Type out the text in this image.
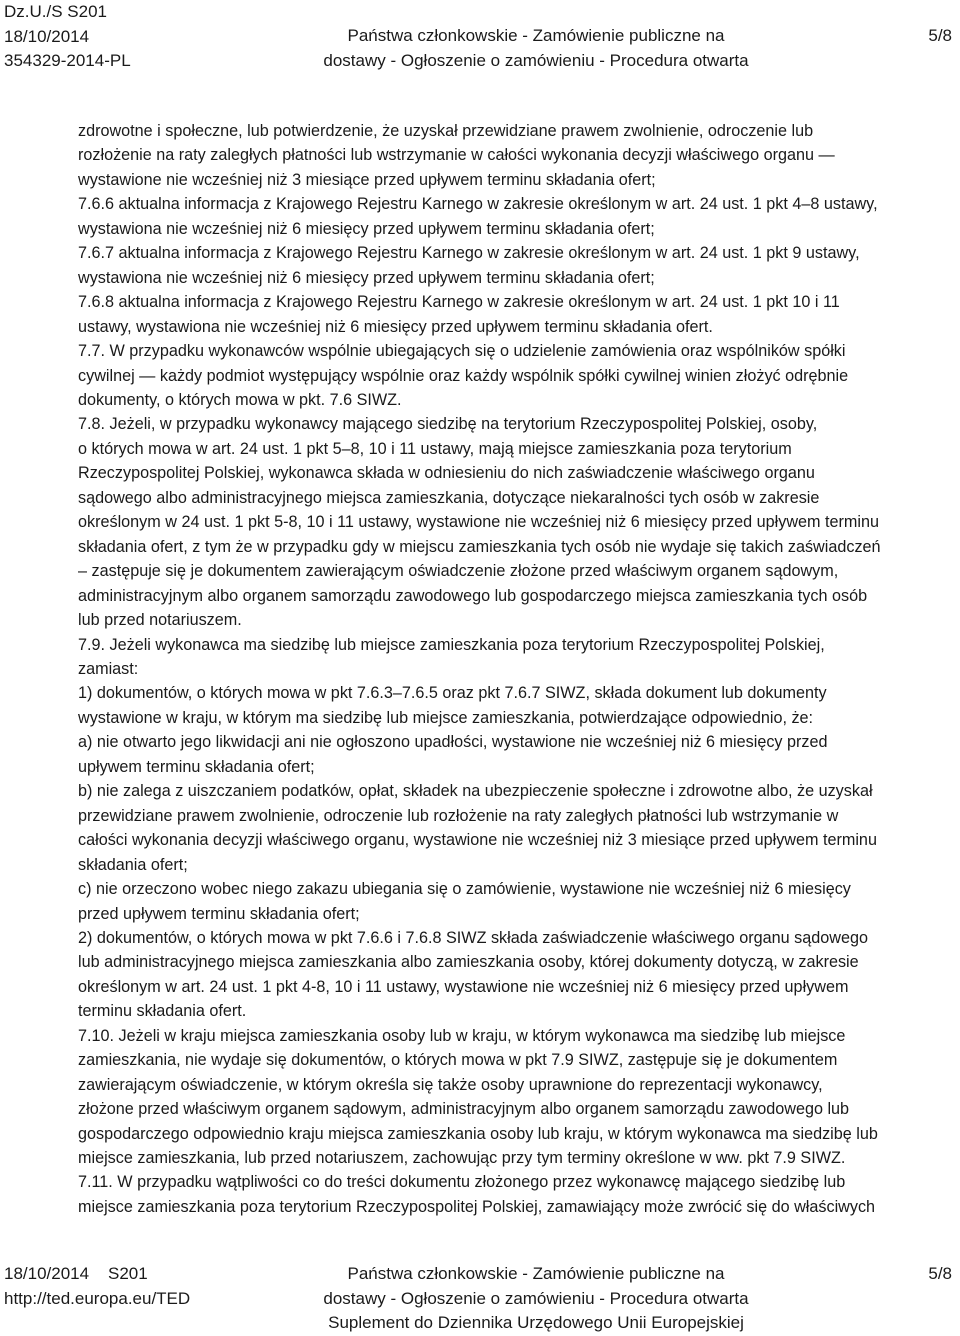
Dz.U./S S201
18/10/2014
354329-2014-PL
Państwa członkowskie - Zamówienie publiczne na
dostawy - Ogłoszenie o zamówieniu - Procedura otwarta
5/8

zdrowotne i społeczne, lub potwierdzenie, że uzyskał przewidziane prawem zwolnienie, odroczenie lub

rozłożenie na raty zaległych płatności lub wstrzymanie w całości wykonania decyzji właściwego organu —

wystawione nie wcześniej niż 3 miesiące przed upływem terminu składania ofert;

7.6.6 aktualna informacja z Krajowego Rejestru Karnego w zakresie określonym w art. 24 ust. 1 pkt 4–8 ustawy,

wystawiona nie wcześniej niż 6 miesięcy przed upływem terminu składania ofert;

7.6.7 aktualna informacja z Krajowego Rejestru Karnego w zakresie określonym w art. 24 ust. 1 pkt 9 ustawy,

wystawiona nie wcześniej niż 6 miesięcy przed upływem terminu składania ofert;

7.6.8 aktualna informacja z Krajowego Rejestru Karnego w zakresie określonym w art. 24 ust. 1 pkt 10 i 11

ustawy, wystawiona nie wcześniej niż 6 miesięcy przed upływem terminu składania ofert.

7.7. W przypadku wykonawców wspólnie ubiegających się o udzielenie zamówienia oraz wspólników spółki

cywilnej — każdy podmiot występujący wspólnie oraz każdy wspólnik spółki cywilnej winien złożyć odrębnie

dokumenty, o których mowa w pkt. 7.6 SIWZ.

7.8. Jeżeli, w przypadku wykonawcy mającego siedzibę na terytorium Rzeczypospolitej Polskiej, osoby,

o których mowa w art. 24 ust. 1 pkt 5–8, 10 i 11 ustawy, mają miejsce zamieszkania poza terytorium

Rzeczypospolitej Polskiej, wykonawca składa w odniesieniu do nich zaświadczenie właściwego organu

sądowego albo administracyjnego miejsca zamieszkania, dotyczące niekaralności tych osób w zakresie

określonym w 24 ust. 1 pkt 5-8, 10 i 11 ustawy, wystawione nie wcześniej niż 6 miesięcy przed upływem terminu

składania ofert, z tym że w przypadku gdy w miejscu zamieszkania tych osób nie wydaje się takich zaświadczeń

– zastępuje się je dokumentem zawierającym oświadczenie złożone przed właściwym organem sądowym,

administracyjnym albo organem samorządu zawodowego lub gospodarczego miejsca zamieszkania tych osób

lub przed notariuszem.

7.9. Jeżeli wykonawca ma siedzibę lub miejsce zamieszkania poza terytorium Rzeczypospolitej Polskiej,

zamiast:

1) dokumentów, o których mowa w pkt 7.6.3–7.6.5 oraz pkt 7.6.7 SIWZ, składa dokument lub dokumenty

wystawione w kraju, w którym ma siedzibę lub miejsce zamieszkania, potwierdzające odpowiednio, że:

a) nie otwarto jego likwidacji ani nie ogłoszono upadłości, wystawione nie wcześniej niż 6 miesięcy przed

upływem terminu składania ofert;

b) nie zalega z uiszczaniem podatków, opłat, składek na ubezpieczenie społeczne i zdrowotne albo, że uzyskał

przewidziane prawem zwolnienie, odroczenie lub rozłożenie na raty zaległych płatności lub wstrzymanie w

całości wykonania decyzji właściwego organu, wystawione nie wcześniej niż 3 miesiące przed upływem terminu

składania ofert;

c) nie orzeczono wobec niego zakazu ubiegania się o zamówienie, wystawione nie wcześniej niż 6 miesięcy

przed upływem terminu składania ofert;

2) dokumentów, o których mowa w pkt 7.6.6 i 7.6.8 SIWZ składa zaświadczenie właściwego organu sądowego

lub administracyjnego miejsca zamieszkania albo zamieszkania osoby, której dokumenty dotyczą, w zakresie

określonym w art. 24 ust. 1 pkt 4-8, 10 i 11 ustawy, wystawione nie wcześniej niż 6 miesięcy przed upływem

terminu składania ofert.

7.10. Jeżeli w kraju miejsca zamieszkania osoby lub w kraju, w którym wykonawca ma siedzibę lub miejsce

zamieszkania, nie wydaje się dokumentów, o których mowa w pkt 7.9 SIWZ, zastępuje się je dokumentem

zawierającym oświadczenie, w którym określa się także osoby uprawnione do reprezentacji wykonawcy,

złożone przed właściwym organem sądowym, administracyjnym albo organem samorządu zawodowego lub

gospodarczego odpowiednio kraju miejsca zamieszkania osoby lub kraju, w którym wykonawca ma siedzibę lub

miejsce zamieszkania, lub przed notariuszem, zachowując przy tym terminy określone w ww. pkt 7.9 SIWZ.

7.11. W przypadku wątpliwości co do treści dokumentu złożonego przez wykonawcę mającego siedzibę lub

miejsce zamieszkania poza terytorium Rzeczypospolitej Polskiej, zamawiający może zwrócić się do właściwych

18/10/2014    S201
http://ted.europa.eu/TED
Państwa członkowskie - Zamówienie publiczne na
dostawy - Ogłoszenie o zamówieniu - Procedura otwarta
Suplement do Dziennika Urzędowego Unii Europejskiej
5/8
